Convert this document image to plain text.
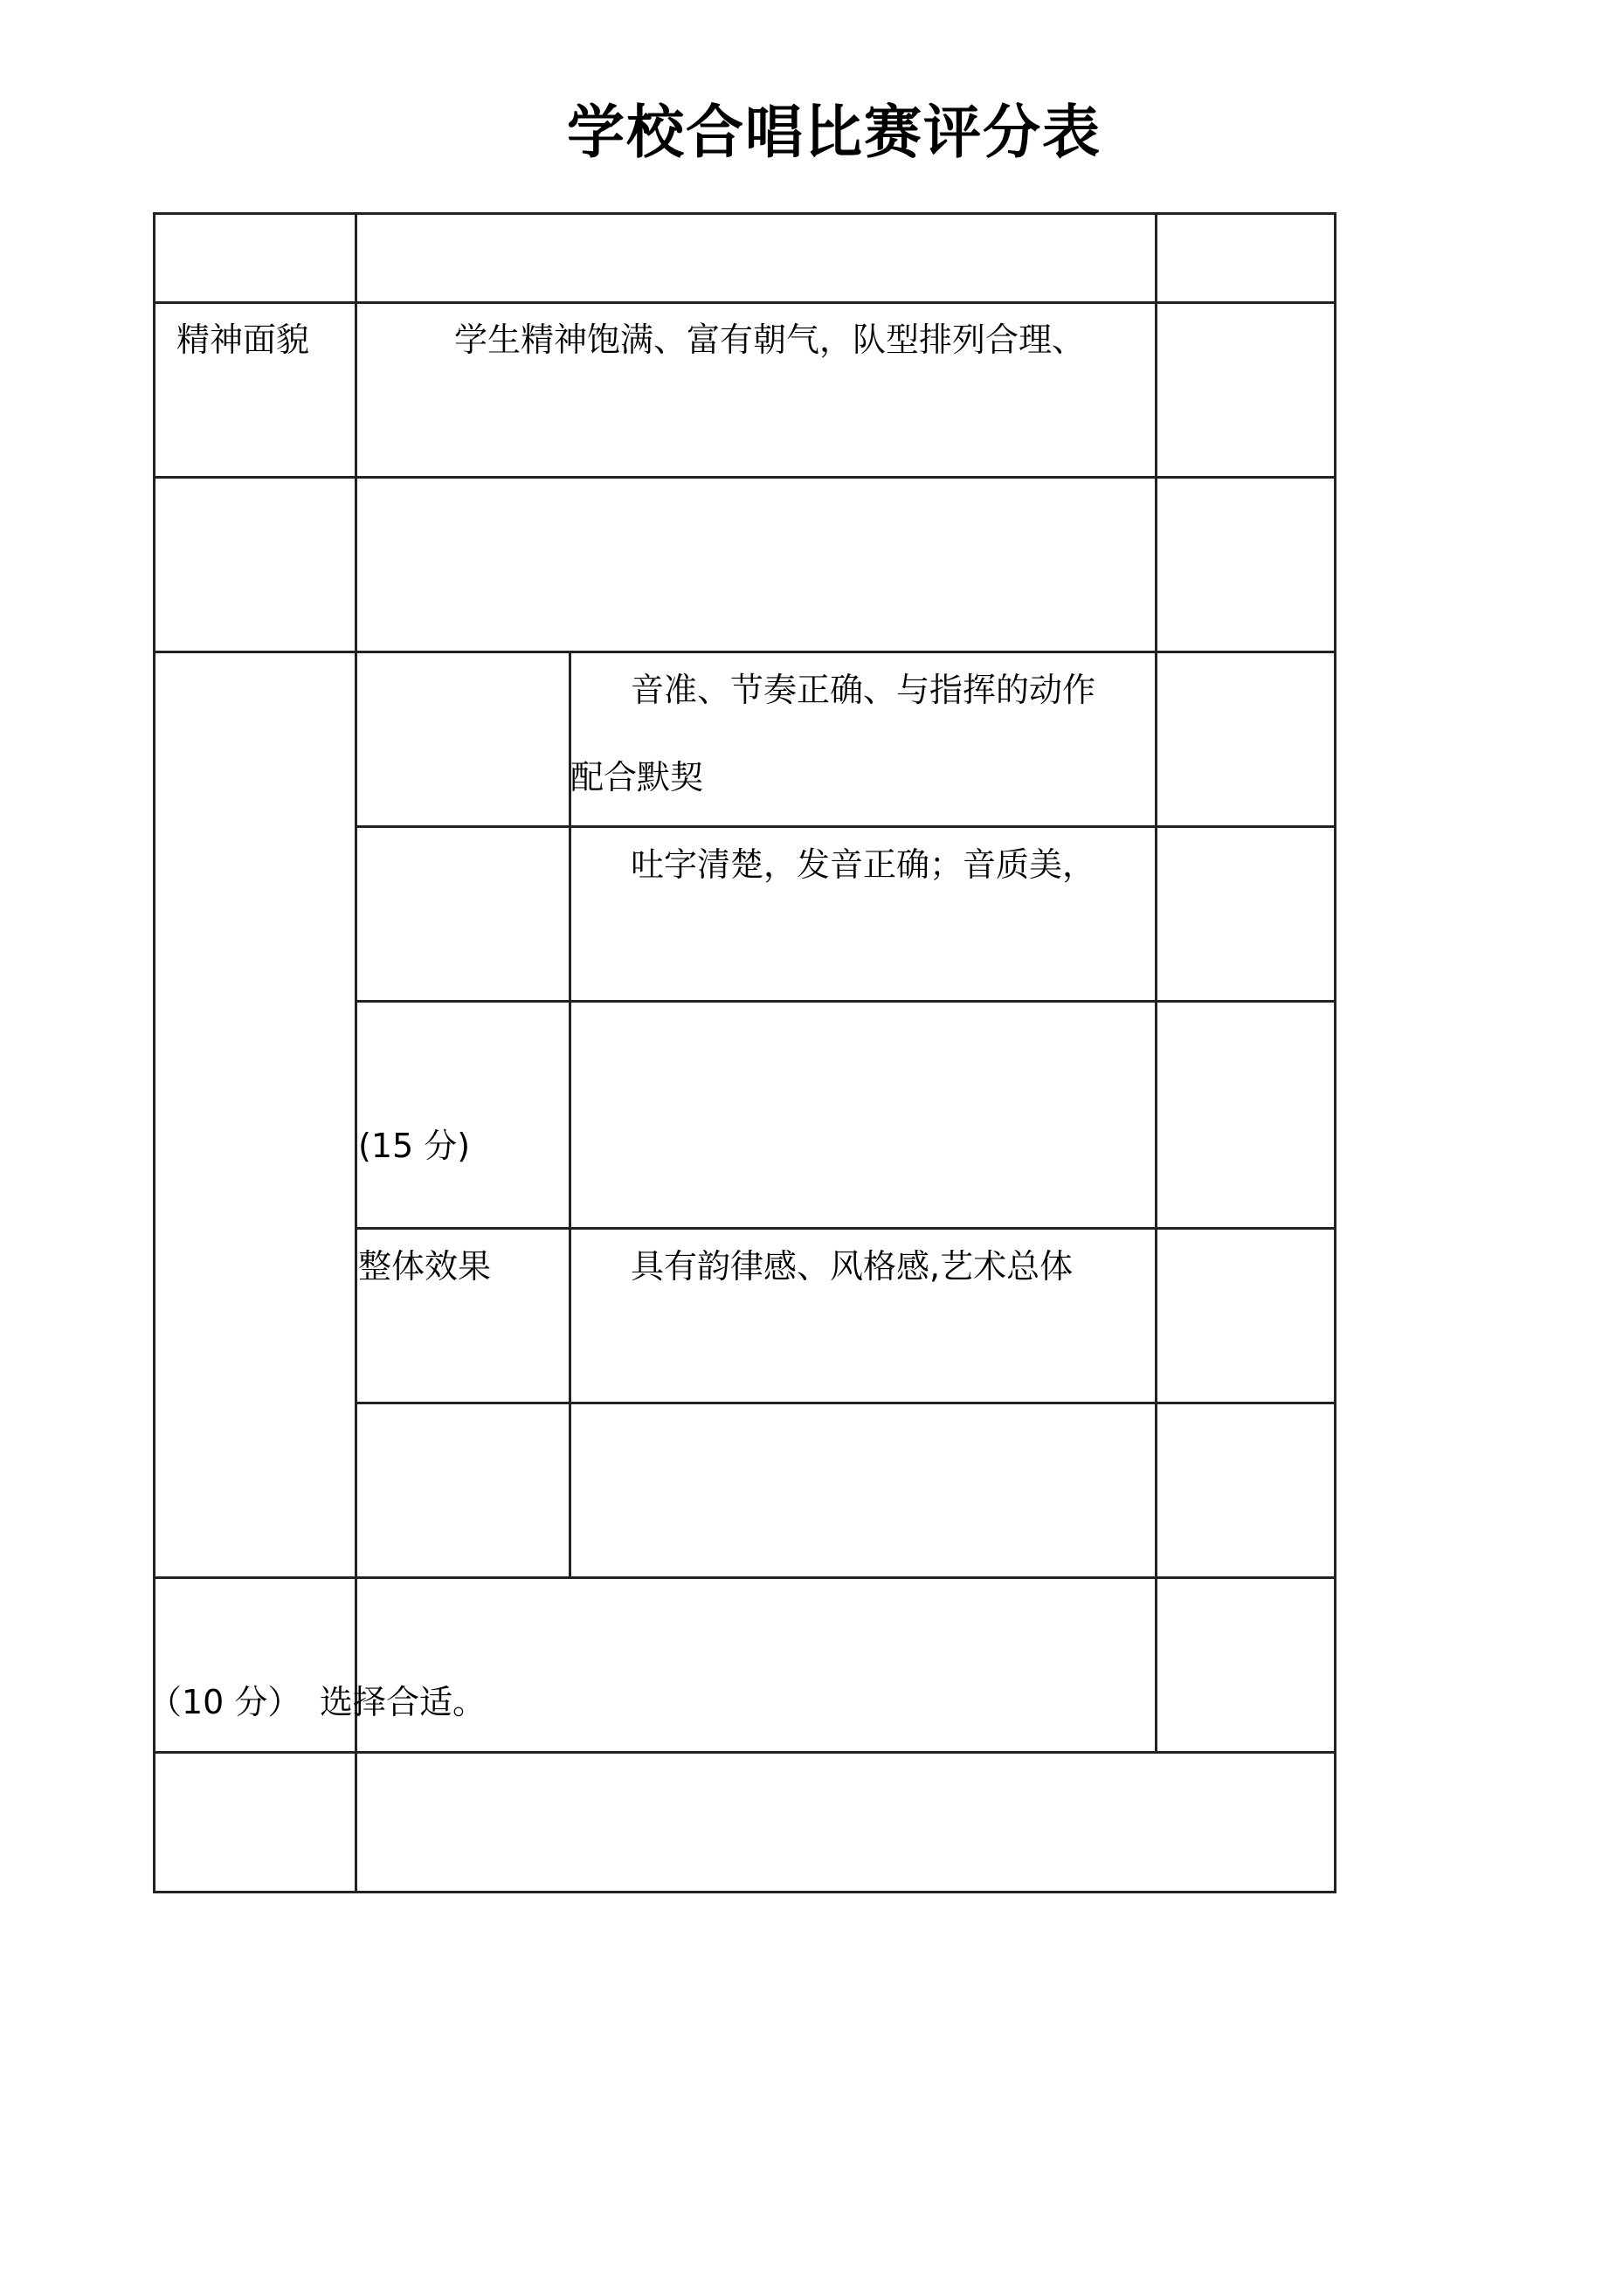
学校合唱比赛评分表
精神面貌	学生精神饱满、富有朝气，队型排列合理、
音准、节奏正确、与指挥的动作
配合默契
吐字清楚，发音正确；音质美，
(15 分)
整体效果	具有韵律感、风格感,艺术总体
（10 分） 选择合适。
